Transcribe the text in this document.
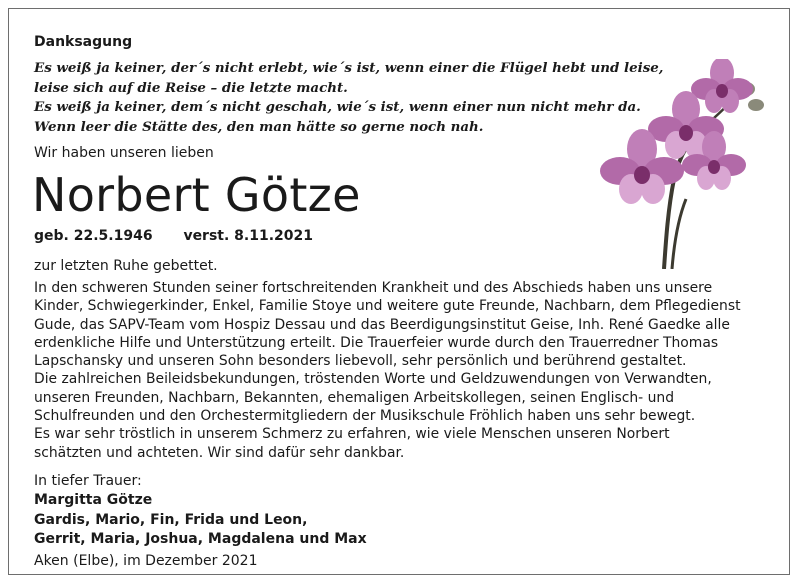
Danksagung
Es weiß ja keiner, der´s nicht erlebt, wie´s ist, wenn einer die Flügel hebt und leise,
leise sich auf die Reise – die letzte macht.
Es weiß ja keiner, dem´s nicht geschah, wie´s ist, wenn einer nun nicht mehr da.
Wenn leer die Stätte des, den man hätte so gerne noch nah.
Wir haben unseren lieben
Norbert Götze
geb. 22.5.1946 verst. 8.11.2021
zur letzten Ruhe gebettet.
In den schweren Stunden seiner fortschreitenden Krankheit und des Abschieds haben uns unsere
Kinder, Schwiegerkinder, Enkel, Familie Stoye und weitere gute Freunde, Nachbarn, dem Pflegedienst
Gude, das SAPV-Team vom Hospiz Dessau und das Beerdigungsinstitut Geise, Inh. René Gaedke alle
erdenkliche Hilfe und Unterstützung erteilt. Die Trauerfeier wurde durch den Trauerredner Thomas
Lapschansky und unseren Sohn besonders liebevoll, sehr persönlich und berührend gestaltet.
Die zahlreichen Beileidsbekundungen, tröstenden Worte und Geldzuwendungen von Verwandten,
unseren Freunden, Nachbarn, Bekannten, ehemaligen Arbeitskollegen, seinen Englisch- und
Schulfreunden und den Orchestermitgliedern der Musikschule Fröhlich haben uns sehr bewegt.
Es war sehr tröstlich in unserem Schmerz zu erfahren, wie viele Menschen unseren Norbert
schätzten und achteten. Wir sind dafür sehr dankbar.
In tiefer Trauer:
Margitta Götze
Gardis, Mario, Fin, Frida und Leon,
Gerrit, Maria, Joshua, Magdalena und Max
Aken (Elbe), im Dezember 2021
